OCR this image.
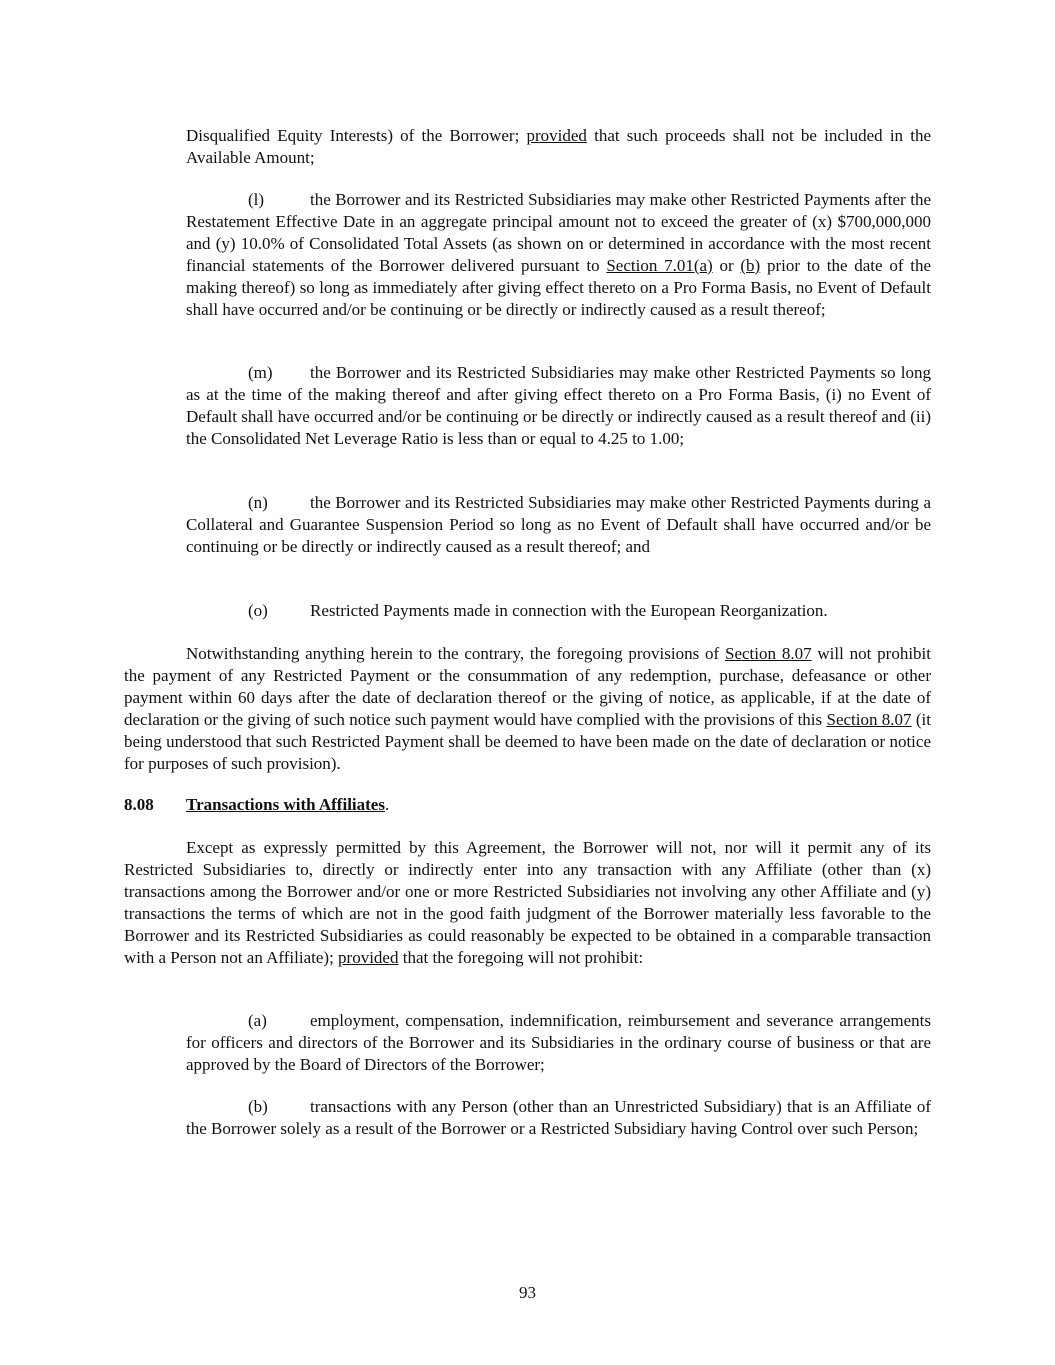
Disqualified Equity Interests) of the Borrower; provided that such proceeds shall not be included in the Available Amount;

(l)	the Borrower and its Restricted Subsidiaries may make other Restricted Payments after the Restatement Effective Date in an aggregate principal amount not to exceed the greater of (x) $700,000,000 and (y) 10.0% of Consolidated Total Assets (as shown on or determined in accordance with the most recent financial statements of the Borrower delivered pursuant to Section 7.01(a) or (b) prior to the date of the making thereof) so long as immediately after giving effect thereto on a Pro Forma Basis, no Event of Default shall have occurred and/or be continuing or be directly or indirectly caused as a result thereof;

(m) the Borrower and its Restricted Subsidiaries may make other Restricted Payments so long as at the time of the making thereof and after giving effect thereto on a Pro Forma Basis, (i) no Event of Default shall have occurred and/or be continuing or be directly or indirectly caused as a result thereof and (ii) the Consolidated Net Leverage Ratio is less than or equal to 4.25 to 1.00;

(n) the Borrower and its Restricted Subsidiaries may make other Restricted Payments during a Collateral and Guarantee Suspension Period so long as no Event of Default shall have occurred and/or be continuing or be directly or indirectly caused as a result thereof; and

(o) Restricted Payments made in connection with the European Reorganization.

Notwithstanding anything herein to the contrary, the foregoing provisions of Section 8.07 will not prohibit the payment of any Restricted Payment or the consummation of any redemption, purchase, defeasance or other payment within 60 days after the date of declaration thereof or the giving of notice, as applicable, if at the date of declaration or the giving of such notice such payment would have complied with the provisions of this Section 8.07 (it being understood that such Restricted Payment shall be deemed to have been made on the date of declaration or notice for purposes of such provision).

8.08 Transactions with Affiliates.

Except as expressly permitted by this Agreement, the Borrower will not, nor will it permit any of its Restricted Subsidiaries to, directly or indirectly enter into any transaction with any Affiliate (other than (x) transactions among the Borrower and/or one or more Restricted Subsidiaries not involving any other Affiliate and (y) transactions the terms of which are not in the good faith judgment of the Borrower materially less favorable to the Borrower and its Restricted Subsidiaries as could reasonably be expected to be obtained in a comparable transaction with a Person not an Affiliate); provided that the foregoing will not prohibit:

(a)	employment, compensation, indemnification, reimbursement and severance arrangements for officers and directors of the Borrower and its Subsidiaries in the ordinary course of business or that are approved by the Board of Directors of the Borrower;

(b) transactions with any Person (other than an Unrestricted Subsidiary) that is an Affiliate of the Borrower solely as a result of the Borrower or a Restricted Subsidiary having Control over such Person;

93
